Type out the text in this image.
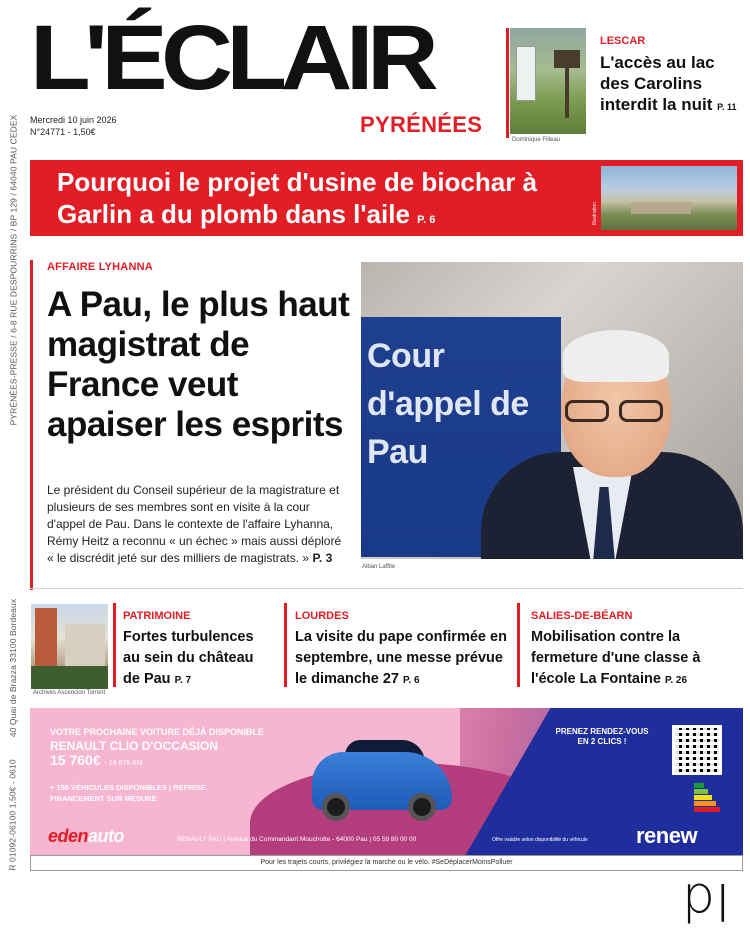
PYRÉNÉES-PRESSE / 6-8 RUE DESPOURRINS / BP 129 / 64040 PAU CEDEX
40 Quai de Brazza 33100 Bordeaux
R 01092-06100 1,50€ - 0610
L'ÉCLAIR
PYRÉNÉES
Mercredi 10 juin 2026
N°24771 - 1,50€
Dominique Filleau
LESCAR
L'accès au lac des Carolins interdit la nuit P. 11
Pourquoi le projet d'usine de biochar à Garlin a du plomb dans l'aile P. 6	Illustration
AFFAIRE LYHANNA
A Pau, le plus haut magistrat de France veut apaiser les esprits
Le président du Conseil supérieur de la magistrature et plusieurs de ses membres sont en visite à la cour d'appel de Pau. Dans le contexte de l'affaire Lyhanna, Rémy Heitz a reconnu « un échec » mais aussi déploré « le discrédit jeté sur des milliers de magistrats. » P. 3
Cour d'appel de Pau
Alban Laffite
Archives Ascencion Torrent
PATRIMOINE
Fortes turbulences au sein du château de Pau P. 7
LOURDES
La visite du pape confirmée en septembre, une messe prévue le dimanche 27 P. 6
SALIES-DE-BÉARN
Mobilisation contre la fermeture d'une classe à l'école La Fontaine P. 26
VOTRE PROCHAINE VOITURE DÉJÀ DISPONIBLE
RENAULT CLIO D'OCCASION
15 760€ - 14 676 KM
+ 150 VÉHICULES DISPONIBLES | REPRISE
FINANCEMENT SUR MESURE
edenauto	RENAULT PAU | Avenue du Commandant Mouchotte - 64000 Pau | 05 59 80 00 00	Offre valable selon disponibilité du véhicule
PRENEZ RENDEZ-VOUS
EN 2 CLICS !
renew
Pour les trajets courts, privilégiez la marche ou le vélo. #SeDéplacerMoinsPolluer
Id
